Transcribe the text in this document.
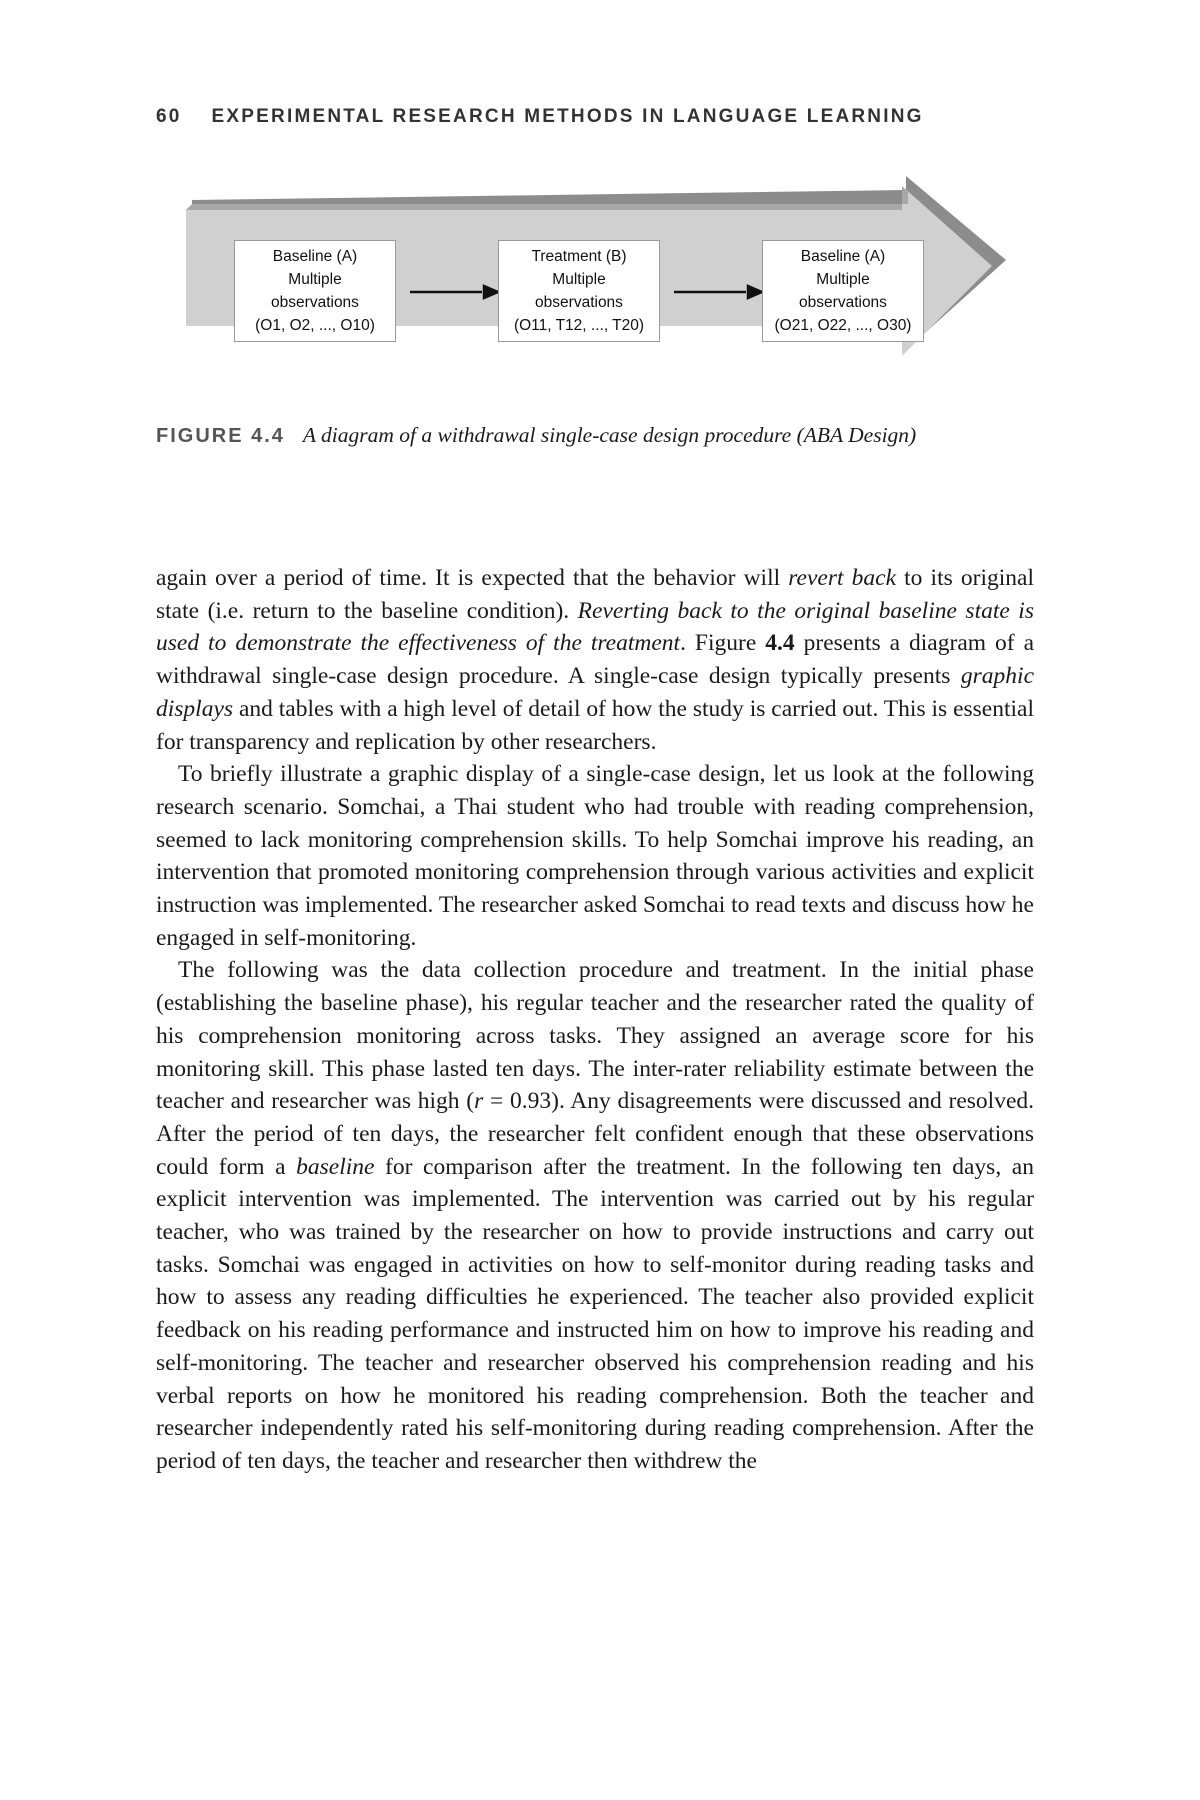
60 EXPERIMENTAL RESEARCH METHODS IN LANGUAGE LEARNING
Baseline (A)
Multiple
observations
(O1, O2, ..., O10)
Treatment (B)
Multiple
observations
(O11, T12, ..., T20)
Baseline (A)
Multiple
observations
(O21, O22, ..., O30)
FIGURE 4.4 A diagram of a withdrawal single-case design procedure (ABA Design)

again over a period of time. It is expected that the behavior will revert back to its original state (i.e. return to the baseline condition). Reverting back to the original baseline state is used to demonstrate the effectiveness of the treatment. Figure 4.4 presents a diagram of a withdrawal single-case design procedure. A single-case design typically presents graphic displays and tables with a high level of detail of how the study is carried out. This is essential for transparency and replication by other researchers.

To briefly illustrate a graphic display of a single-case design, let us look at the following research scenario. Somchai, a Thai student who had trouble with reading comprehension, seemed to lack monitoring comprehension skills. To help Somchai improve his reading, an intervention that promoted monitoring comprehension through various activities and explicit instruction was implemented. The researcher asked Somchai to read texts and discuss how he engaged in self-monitoring.

The following was the data collection procedure and treatment. In the initial phase (establishing the baseline phase), his regular teacher and the researcher rated the quality of his comprehension monitoring across tasks. They assigned an average score for his monitoring skill. This phase lasted ten days. The inter-rater reliability estimate between the teacher and researcher was high (r = 0.93). Any disagreements were discussed and resolved. After the period of ten days, the researcher felt confident enough that these observations could form a baseline for comparison after the treatment. In the following ten days, an explicit intervention was implemented. The intervention was carried out by his regular teacher, who was trained by the researcher on how to provide instructions and carry out tasks. Somchai was engaged in activities on how to self-monitor during reading tasks and how to assess any reading difficulties he experienced. The teacher also provided explicit feedback on his reading performance and instructed him on how to improve his reading and self-monitoring. The teacher and researcher observed his comprehension reading and his verbal reports on how he monitored his reading comprehension. Both the teacher and researcher independently rated his self-monitoring during reading comprehension. After the period of ten days, the teacher and researcher then withdrew the
